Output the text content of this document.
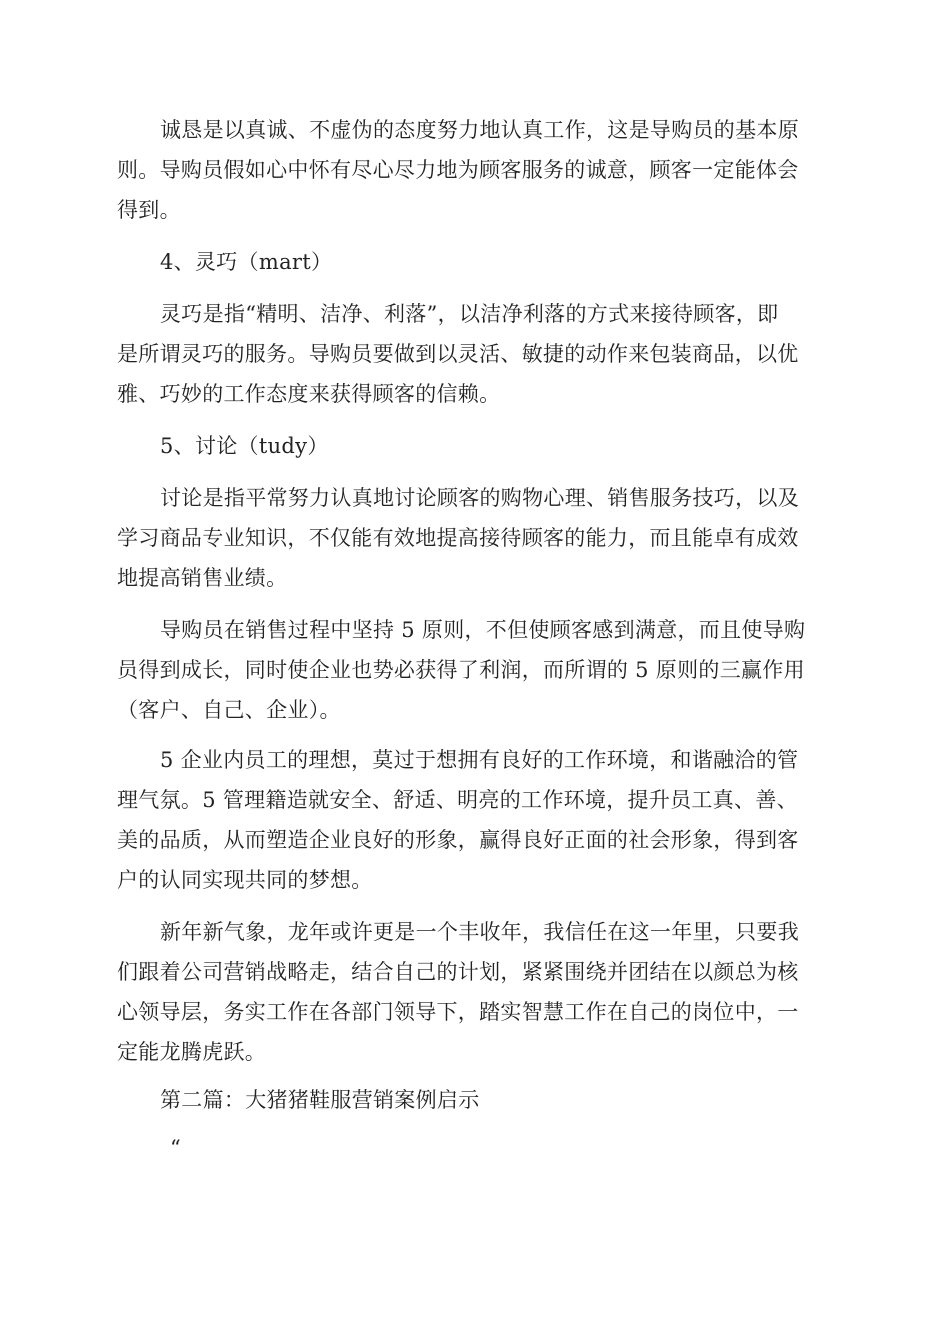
诚恳是以真诚、不虚伪的态度努力地认真工作，这是导购员的基本原
则。导购员假如心中怀有尽心尽力地为顾客服务的诚意，顾客一定能体会
得到。
4、灵巧（mart）
灵巧是指“精明、洁净、利落”，以洁净利落的方式来接待顾客，即
是所谓灵巧的服务。导购员要做到以灵活、敏捷的动作来包装商品，以优
雅、巧妙的工作态度来获得顾客的信赖。
5、讨论（tudy）
讨论是指平常努力认真地讨论顾客的购物心理、销售服务技巧，以及
学习商品专业知识，不仅能有效地提高接待顾客的能力，而且能卓有成效
地提高销售业绩。
导购员在销售过程中坚持 5 原则，不但使顾客感到满意，而且使导购
员得到成长，同时使企业也势必获得了利润，而所谓的 5 原则的三赢作用
（客户、自己、企业）。
5 企业内员工的理想，莫过于想拥有良好的工作环境，和谐融洽的管
理气氛。5 管理籍造就安全、舒适、明亮的工作环境，提升员工真、善、
美的品质，从而塑造企业良好的形象，赢得良好正面的社会形象，得到客
户的认同实现共同的梦想。
新年新气象，龙年或许更是一个丰收年，我信任在这一年里，只要我
们跟着公司营销战略走，结合自己的计划，紧紧围绕并团结在以颜总为核
心领导层，务实工作在各部门领导下，踏实智慧工作在自己的岗位中，一
定能龙腾虎跃。
第二篇：大猪猪鞋服营销案例启示
“
